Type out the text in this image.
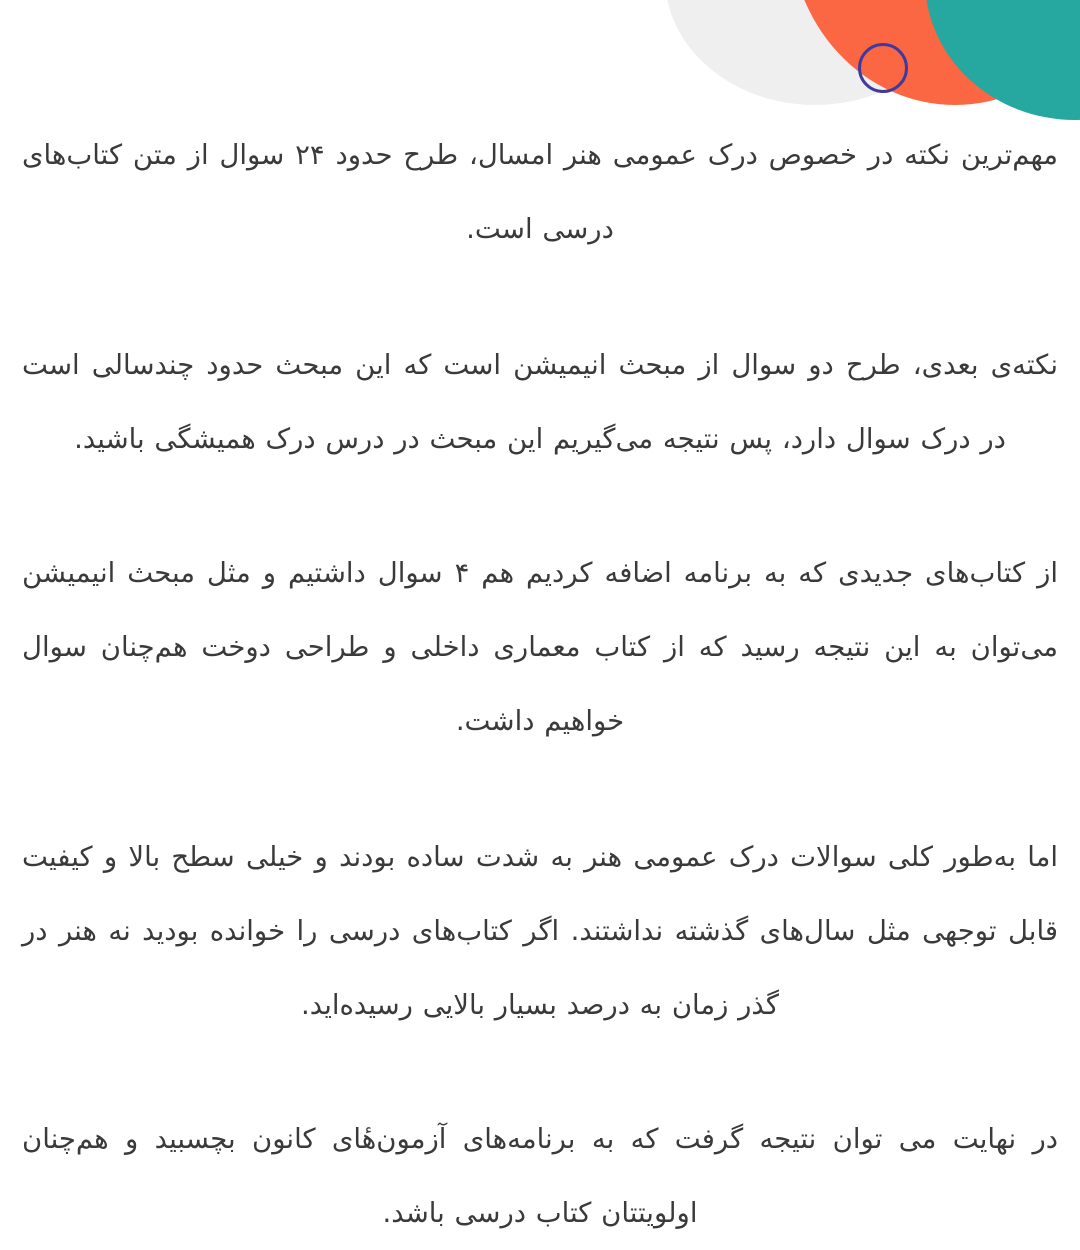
مهم‌ترین نکته در خصوص درک عمومی هنر امسال، طرح حدود ۲۴ سوال از متن کتاب‌های درسی است.

نکته‌ی بعدی، طرح دو سوال از مبحث انیمیشن است که این مبحث حدود چندسالی است در درک سوال دارد، پس نتیجه می‌گیریم این مبحث در درس درک همیشگی باشید.

از کتاب‌های جدیدی که به برنامه اضافه کردیم هم ۴ سوال داشتیم و مثل مبحث انیمیشن می‌توان به این نتیجه رسید که از کتاب معماری داخلی و طراحی دوخت هم‌چنان سوال خواهیم داشت.

اما به‌طور کلی سوالات درک عمومی هنر به شدت ساده بودند و خیلی سطح بالا و کیفیت قابل توجهی مثل سال‌های گذشته نداشتند. اگر کتاب‌های درسی را خوانده بودید نه هنر در گذر زمان به درصد بسیار بالایی رسیده‌اید.

در نهایت می توان نتیجه گرفت که به برنامه‌های آزمون‌هٔای کانون بچسبید و هم‌چنان اولویتتان کتاب درسی باشد.
